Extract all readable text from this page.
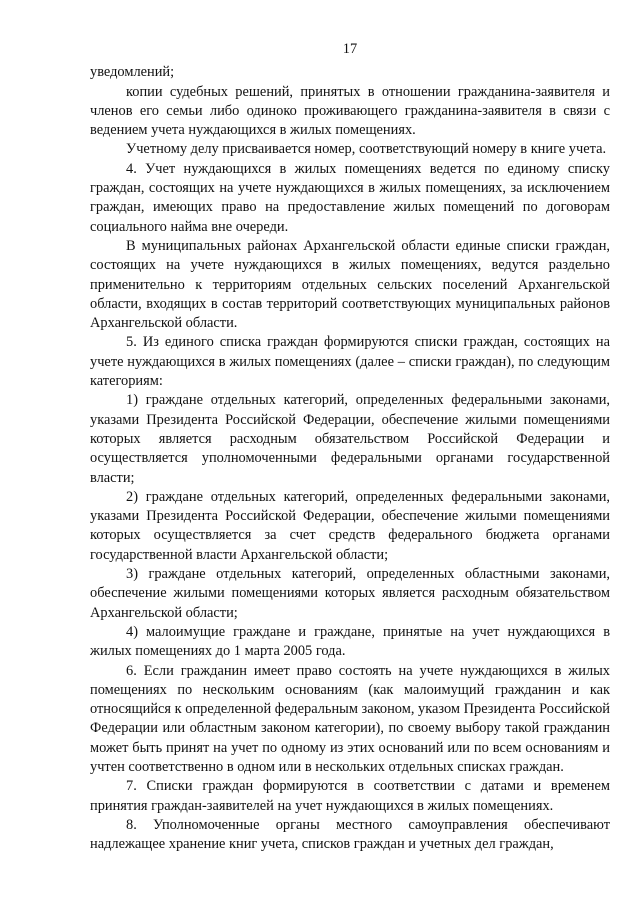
17

уведомлений;

копии судебных решений, принятых в отношении гражданина-заявителя и членов его семьи либо одиноко проживающего гражданина-заявителя в связи с ведением учета нуждающихся в жилых помещениях.

Учетному делу присваивается номер, соответствующий номеру в книге учета.

4. Учет нуждающихся в жилых помещениях ведется по единому списку граждан, состоящих на учете нуждающихся в жилых помещениях, за исключением граждан, имеющих право на предоставление жилых помещений по договорам социального найма вне очереди.

В муниципальных районах Архангельской области единые списки граждан, состоящих на учете нуждающихся в жилых помещениях, ведутся раздельно применительно к территориям отдельных сельских поселений Архангельской области, входящих в состав территорий соответствующих муниципальных районов Архангельской области.

5. Из единого списка граждан формируются списки граждан, состоящих на учете нуждающихся в жилых помещениях (далее – списки граждан), по следующим категориям:

1) граждане отдельных категорий, определенных федеральными законами, указами Президента Российской Федерации, обеспечение жилыми помещениями которых является расходным обязательством Российской Федерации и осуществляется уполномоченными федеральными органами государственной власти;

2) граждане отдельных категорий, определенных федеральными законами, указами Президента Российской Федерации, обеспечение жилыми помещениями которых осуществляется за счет средств федерального бюджета органами государственной власти Архангельской области;

3) граждане отдельных категорий, определенных областными законами, обеспечение жилыми помещениями которых является расходным обязательством Архангельской области;

4) малоимущие граждане и граждане, принятые на учет нуждающихся в жилых помещениях до 1 марта 2005 года.

6. Если гражданин имеет право состоять на учете нуждающихся в жилых помещениях по нескольким основаниям (как малоимущий гражданин и как относящийся к определенной федеральным законом, указом Президента Российской Федерации или областным законом категории), по своему выбору такой гражданин может быть принят на учет по одному из этих оснований или по всем основаниям и учтен соответственно в одном или в нескольких отдельных списках граждан.

7. Списки граждан формируются в соответствии с датами и временем принятия граждан-заявителей на учет нуждающихся в жилых помещениях.

8. Уполномоченные органы местного самоуправления обеспечивают надлежащее хранение книг учета, списков граждан и учетных дел граждан,
